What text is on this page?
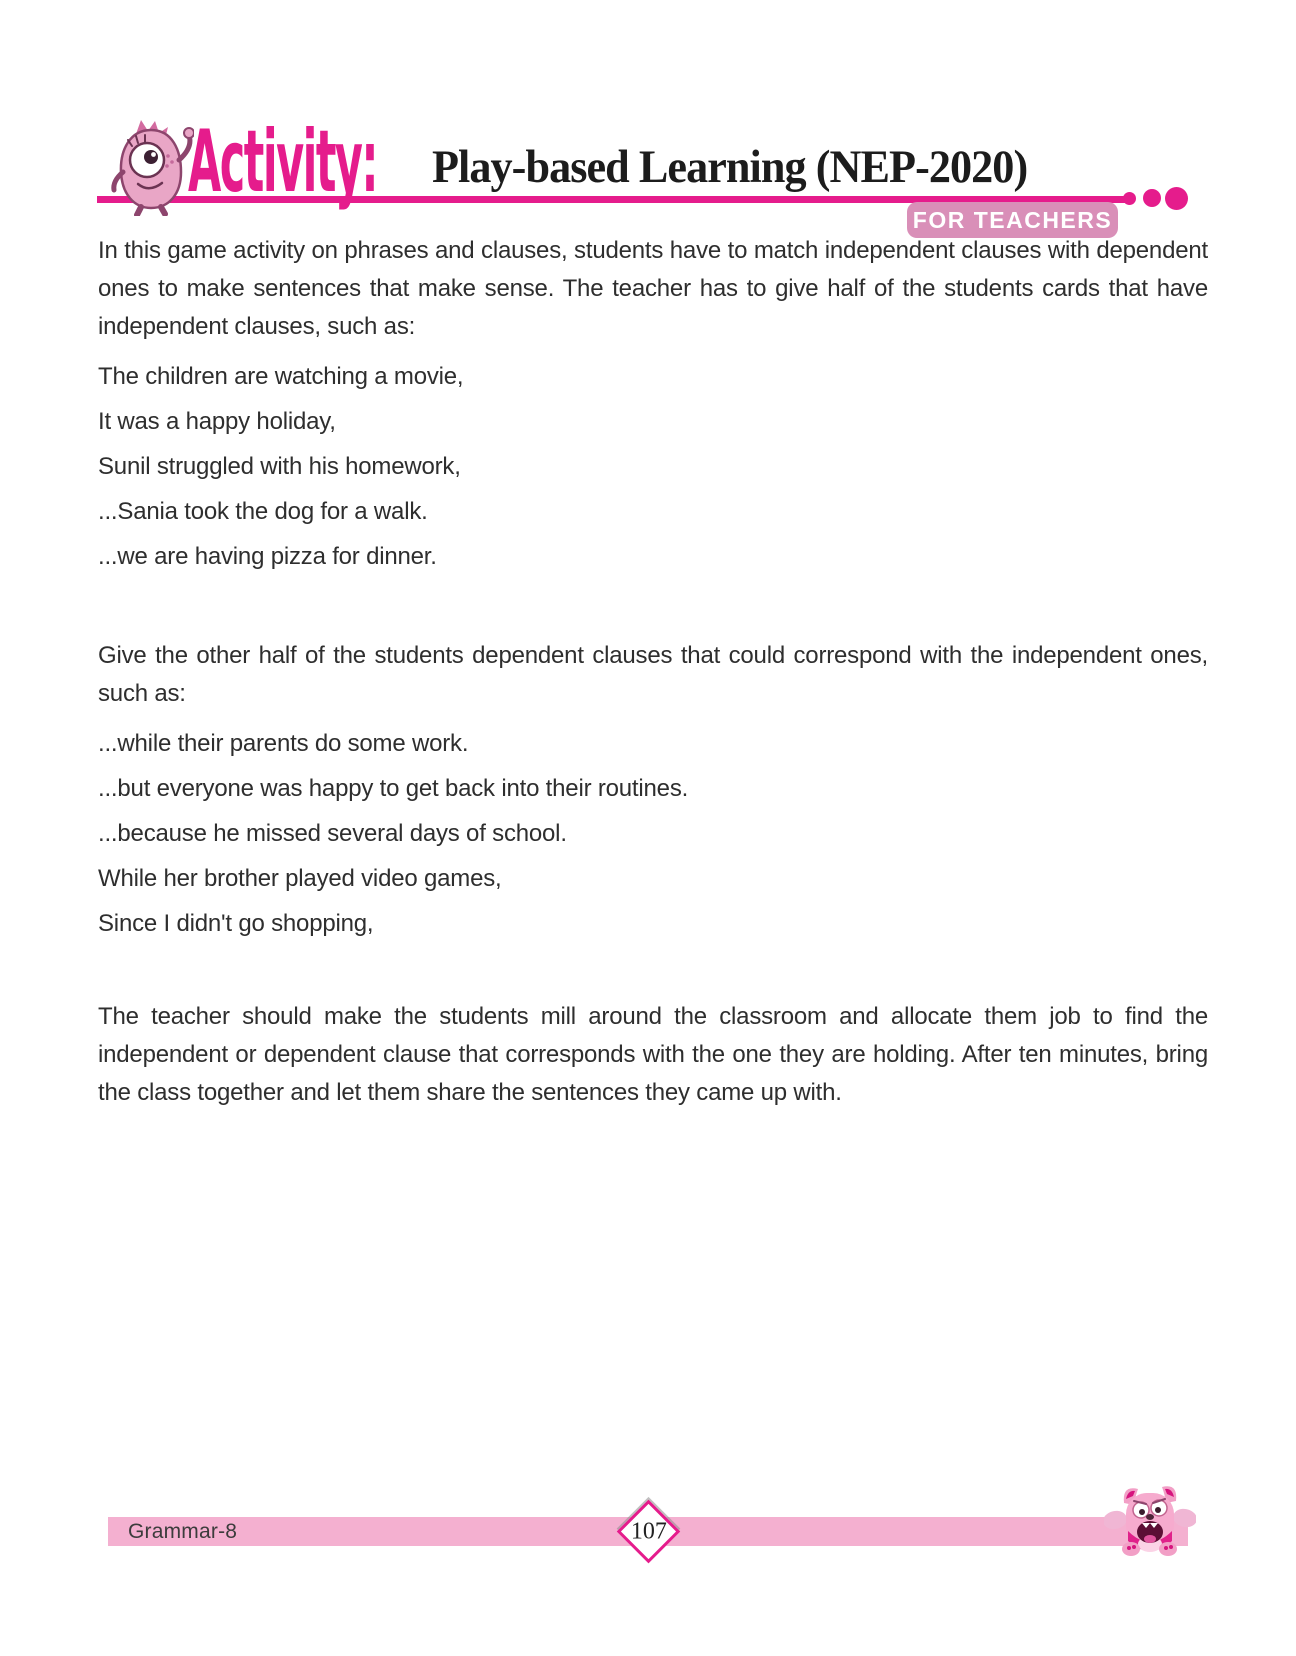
Activity: Play-based Learning (NEP-2020)
FOR TEACHERS

In this game activity on phrases and clauses, students have to match independent clauses with dependent ones to make sentences that make sense. The teacher has to give half of the students cards that have independent clauses, such as:

The children are watching a movie,

It was a happy holiday,

Sunil struggled with his homework,

...Sania took the dog for a walk.

...we are having pizza for dinner.

Give the other half of the students dependent clauses that could correspond with the independent ones, such as:

...while their parents do some work.

...but everyone was happy to get back into their routines.

...because he missed several days of school.

While her brother played video games,

Since I didn't go shopping,

The teacher should make the students mill around the classroom and allocate them job to find the independent or dependent clause that corresponds with the one they are holding. After ten minutes, bring the class together and let them share the sentences they came up with.

Grammar-8	107
